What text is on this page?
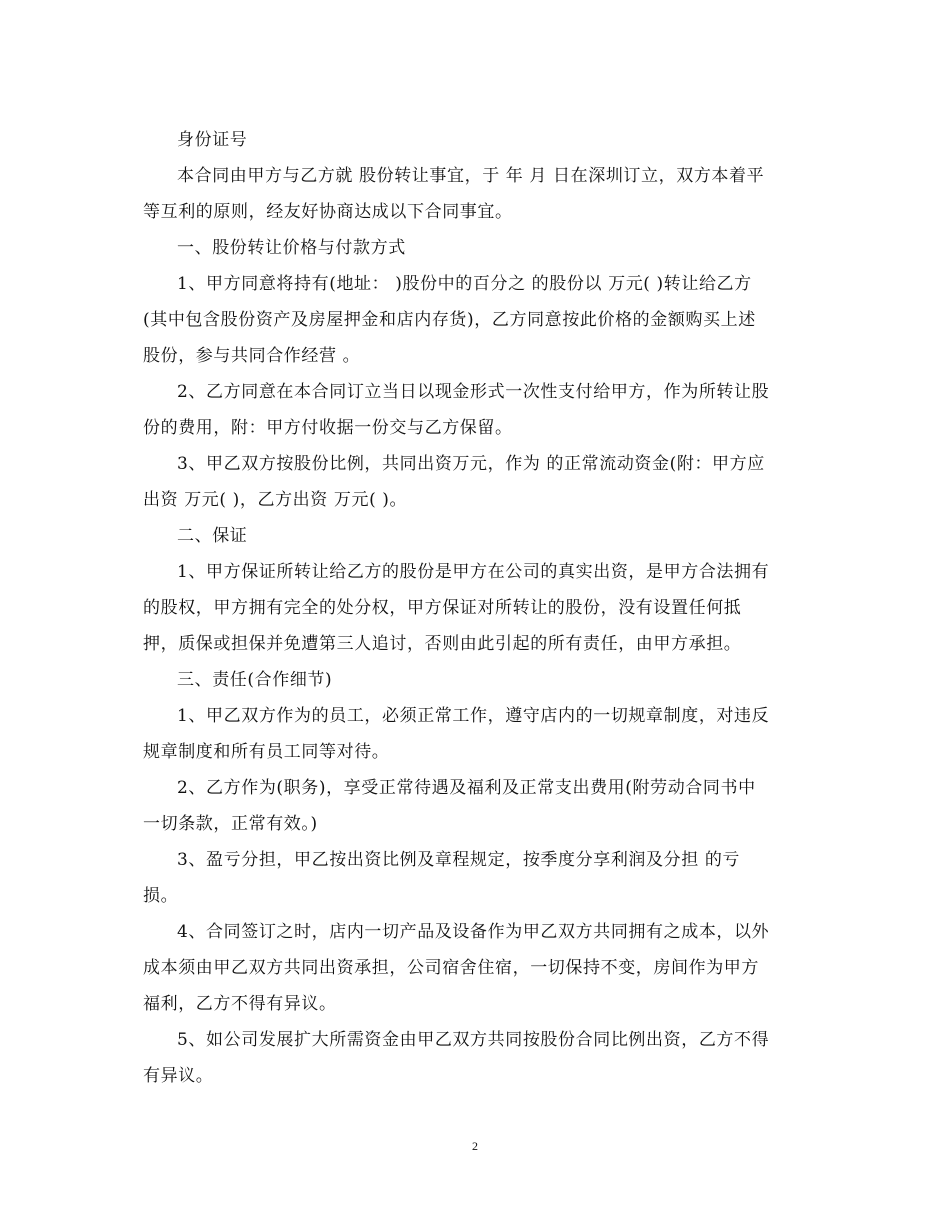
身份证号
本合同由甲方与乙方就 股份转让事宜，于 年 月 日在深圳订立，双方本着平
等互利的原则，经友好协商达成以下合同事宜。
一、股份转让价格与付款方式
1、甲方同意将持有(地址： )股份中的百分之 的股份以 万元( )转让给乙方
(其中包含股份资产及房屋押金和店内存货)，乙方同意按此价格的金额购买上述
股份，参与共同合作经营 。
2、乙方同意在本合同订立当日以现金形式一次性支付给甲方，作为所转让股
份的费用，附：甲方付收据一份交与乙方保留。
3、甲乙双方按股份比例，共同出资万元，作为 的正常流动资金(附：甲方应
出资 万元( )，乙方出资 万元( )。
二、保证
1、甲方保证所转让给乙方的股份是甲方在公司的真实出资，是甲方合法拥有
的股权，甲方拥有完全的处分权，甲方保证对所转让的股份，没有设置任何抵
押，质保或担保并免遭第三人追讨，否则由此引起的所有责任，由甲方承担。
三、责任(合作细节)
1、甲乙双方作为的员工，必须正常工作，遵守店内的一切规章制度，对违反
规章制度和所有员工同等对待。
2、乙方作为(职务)，享受正常待遇及福利及正常支出费用(附劳动合同书中
一切条款，正常有效。)
3、盈亏分担，甲乙按出资比例及章程规定，按季度分享利润及分担 的亏
损。
4、合同签订之时，店内一切产品及设备作为甲乙双方共同拥有之成本，以外
成本须由甲乙双方共同出资承担，公司宿舍住宿，一切保持不变，房间作为甲方
福利，乙方不得有异议。
5、如公司发展扩大所需资金由甲乙双方共同按股份合同比例出资，乙方不得
有异议。
2
